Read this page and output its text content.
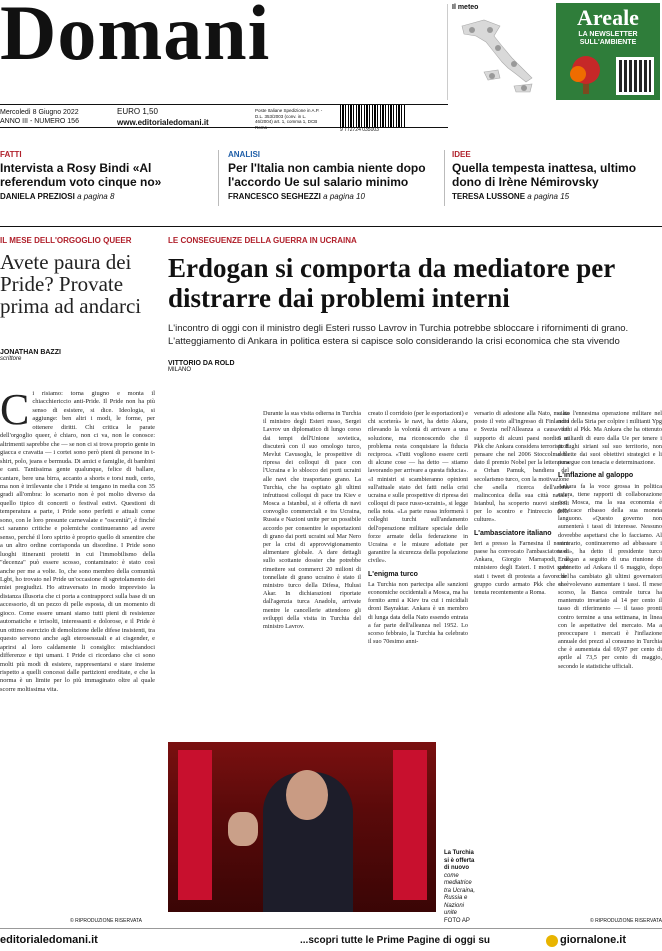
Domani	Il meteo	Areale
LA NEWSLETTER SULL'AMBIENTE
Mercoledì 8 Giugno 2022
ANNO III - NUMERO 156
EURO 1,50
www.editorialedomani.it
Poste Italiane Spedizione in A.P. - D.L. 353/2003 (conv. in L. 46/2004) art. 1, comma 1, DCB Roma	9 772724 035003
FATTI
Intervista a Rosy Bindi «Al referendum voto cinque no»
DANIELA PREZIOSI a pagina 8
ANALISI
Per l'Italia non cambia niente dopo l'accordo Ue sul salario minimo
FRANCESCO SEGHEZZI a pagina 10
IDEE
Quella tempesta inattesa, ultimo dono di Irène Némirovsky
TERESA LUSSONE a pagina 15
IL MESE DELL'ORGOGLIO QUEER
Avete paura dei Pride? Provate prima ad andarci
JONATHAN BAZZI
scrittore
C i risiamo: torna giugno e monta il chiacchiericcio anti-Pride. Il Pride non ha più senso di esistere, si dice. Ideologia, si aggiunge: ben altri i modi, le forme, per ottenere diritti. Chi critica le parate dell'orgoglio queer, è chiaro, non ci va, non le conosce: altrimenti saprebbe che — se non ci si trova proprio gente in giacca e cravatta — i cortei sono però pieni di persone in t-shirt, polo, jeans e bermuda. Di amici e famiglie, di bambini e cani. Tantissima gente qualunque, felice di ballare, cantare, bere una birra, accanto a shorts e torsi nudi, certo, ma non è irrilevante che i Pride si tengano in media con 35 gradi all'ombra: lo scenario non è poi molto diverso da quello tipico di concerti o festival estivi. Questioni di temperatura a parte, i Pride sono perfetti e attuali come sono, con le loro presunte carnevalate e "oscenità", è finché ci saranno critiche e polemiche continueranno ad avere senso, perché il loro spirito è proprio quello di smentire che a un altro ordine corrisponda un disordine. I Pride sono luoghi itineranti protetti in cui l'immobilismo della "decenza" può essere scosso, contaminato: è stato così anche per me a volte. Io, che sono membro della comunità Lgbt, ho trovato nel Pride un'occasione di sgretolamento dei miei pregiudizi. Ho attraversato in modo imprevisto la distanza illusoria che ci porta a contrapporci sulla base di un accessorio, di un pezzo di pelle esposta, di un momento di gioco. Come essere umani siamo tutti pieni di resistenze automatiche e irrisolti, interessanti e dolorose, e il Pride è un ottimo esercizio di demolizione delle difese insistenti, tra questo servono anche agli eterosessuali e ai cisgender, e aprirsi al loro caldamente li consiglio: mischiandoci differenze e tipi umani. I Pride ci ricordano che ci sono molti più modi di esistere, rappresentarsi e stare insieme rispetto a quelli concessi dalle partizioni ereditate, e che la norma è un limite per lo più immaginato oltre al quale scorre moltissima vita.
© RIPRODUZIONE RISERVATA
LE CONSEGUENZE DELLA GUERRA IN UCRAINA
Erdogan si comporta da mediatore per distrarre dai problemi interni
L'incontro di oggi con il ministro degli Esteri russo Lavrov in Turchia potrebbe sbloccare i rifornimenti di grano. L'atteggiamento di Ankara in politica estera si capisce solo considerando la crisi economica che sta vivendo
VITTORIO DA ROLD
MILANO
Durante la sua visita odierna in Turchia il ministro degli Esteri russo, Sergei Lavrov un diplomatico di lungo corso dai tempi dell'Unione sovietica, discuterà con il suo omologo turco, Mevlut Cavusoglu, le prospettive di ripresa dei colloqui di pace con l'Ucraina e lo sblocco dei porti ucraini alle navi che trasportano grano. La Turchia, che ha ospitato gli ultimi infruttuosi colloqui di pace tra Kiev e Mosca a Istanbul, si è offerta di navi convoglio commerciali e tra Ucraina, Russia e Nazioni unite per un possibile accordo per consentire le esportazioni di grano dai porti ucraini sul Mar Nero per la crisi di approvvigionamento alimentare globale. A dare dettagli sullo scottante dossier che potrebbe rimettere sui commerci 20 milioni di tonnellate di grano ucraino è stato il ministro turco della Difesa, Hulusi Akar. In dichiarazioni riportate dall'agenzia turca Anadolu, arrivate mentre le cancellerie attendono gli sviluppi della visita in Turchia del ministro Lavrov.
creato il corridoio (per le esportazioni) e chi scorterà» le navi, ha detto Akara, rilevando la volontà di arrivare a una soluzione, ma riconoscendo che il problema resta conquistare la fiducia reciproca. «Tutti vogliono essere certi di alcune cose — ha detto — stiamo lavorando per arrivare a questa fiducia». «I ministri si scambieranno opinioni sull'attuale stato dei fatti nella crisi ucraina e sulle prospettive di ripresa dei colloqui di pace russo-ucraini», si legge nella nota. «La parte russa informerà i colleghi turchi sull'andamento dell'operazione militare speciale delle forze armate della federazione in Ucraina e le misure adottate per garantire la sicurezza della popolazione civile».
L'enigma turco
La Turchia non partecipa alle sanzioni economiche occidentali a Mosca, ma ha fornito armi a Kiev tra cui i micidiali droni Bayraktar. Ankara è un membro di lunga data della Nato essendo entrata a far parte dell'alleanza nel 1952. Lo scorso febbraio, la Turchia ha celebrato il suo 70esimo anni-
versario di adesione alla Nato, ma ha posto il veto all'ingresso di Finlandia e Svezia nell'Alleanza a causa del supporto di alcuni paesi nordici ai Pkk che Ankara considera terroristi. E pensare che nel 2006 Stoccolma ha dato il premio Nobel per la letteratura a Orhan Pamuk, bandiera del secolarismo turco, con la motivazione che «nella ricerca dell'anima malinconica della sua città natale, Istanbul, ha scoperto nuovi simboli per lo scontro e l'intreccio delle culture».
L'ambasciatore italiano
Ieri a presso la Farnesina il nostro paese ha convocato l'ambasciatore di Ankara, Giorgio Marrapodi, al ministero degli Esteri. I motivi sono stati i tweet di protesta a favore del gruppo curdo armato Pkk che si è tenuta recentemente a Roma.
ciato l'ennesima operazione militare nel nord della Siria per colpire i militanti Ypg vicini al Pkk. Ma Ankara che ha ottenuto 6 miliardi di euro dalla Ue per tenere i profughi siriani sul suo territorio, non deflette dai suoi obiettivi strategici e li persegue con tenacia e determinazione.
L'inflazione al galoppo
Ankara fa la voce grossa in politica estera, tiene rapporti di collaborazione con Mosca, ma la sua economia è pervicace ribasso della sua moneta languono. «Questo governo non aumenterà i tassi di interesse. Nessuno dovrebbe aspettarsi che lo facciamo. Al contrario, continueremo ad abbassare i tassi», ha detto il presidente turco Erdogan a seguito di una riunione di gabinetto ad Ankara il 6 maggio, dopo che ha cambiato gli ultimi governatori che volevano aumentare i tassi. Il mese scorso, la Banca centrale turca ha mantenuto invariato al 14 per cento il tasso di riferimento — il tasso pronti contro termine a una settimana, in linea con le aspettative del mercato. Ma a preoccupare i mercati è l'inflazione annuale dei prezzi al consumo in Turchia che è aumentata dal 69,97 per cento di aprile al 73,5 per cento di maggio, secondo le statistiche ufficiali.
La Turchia si è offerta di nuovo
come mediatrice tra Ucraina, Russia e Nazioni unite
FOTO AP	© RIPRODUZIONE RISERVATA
editorialedomani.it	...scopri tutte le Prime Pagine di oggi su	giornalone.it
